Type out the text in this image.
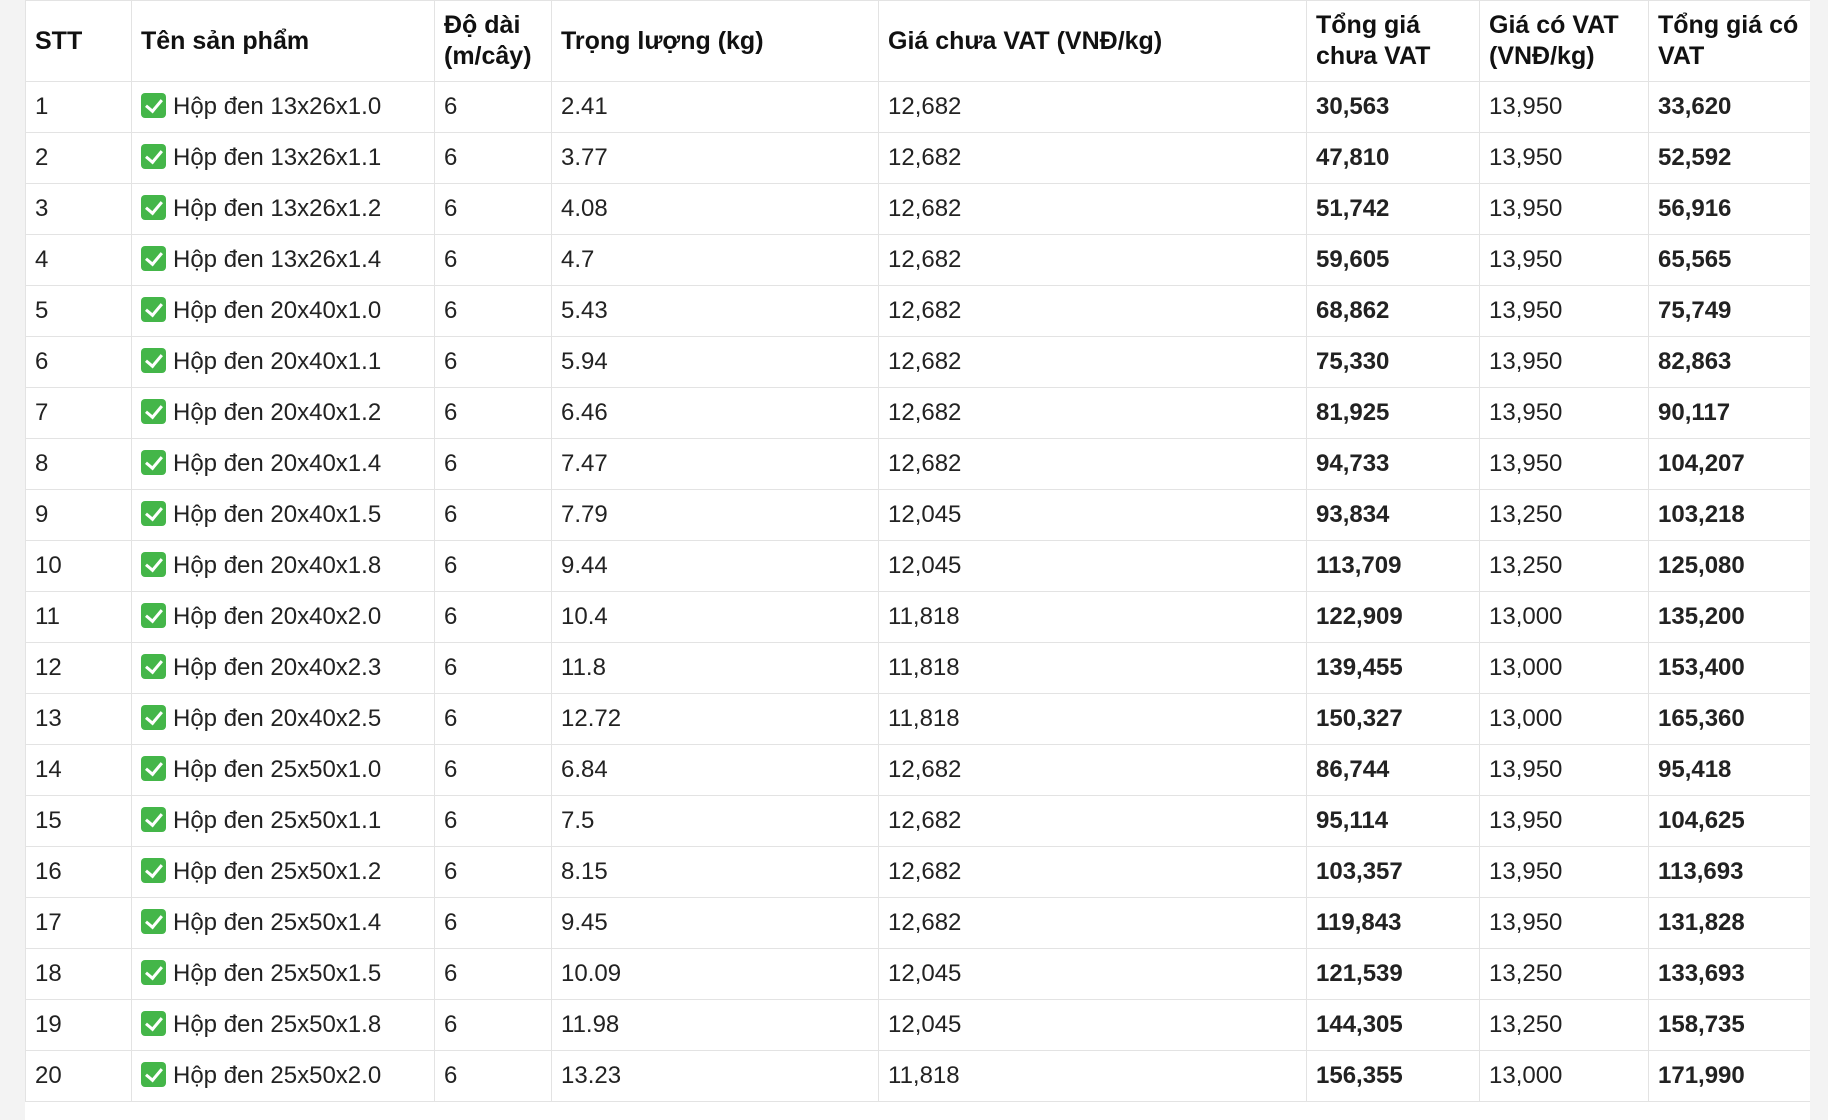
STT	Tên sản phẩm	Độ dài (m/cây)	Trọng lượng (kg)	Giá chưa VAT (VNĐ/kg)	Tổng giá chưa VAT	Giá có VAT (VNĐ/kg)	Tổng giá có VAT
1	Hộp đen 13x26x1.0	6	2.41	12,682	30,563	13,950	33,620
2	Hộp đen 13x26x1.1	6	3.77	12,682	47,810	13,950	52,592
3	Hộp đen 13x26x1.2	6	4.08	12,682	51,742	13,950	56,916
4	Hộp đen 13x26x1.4	6	4.7	12,682	59,605	13,950	65,565
5	Hộp đen 20x40x1.0	6	5.43	12,682	68,862	13,950	75,749
6	Hộp đen 20x40x1.1	6	5.94	12,682	75,330	13,950	82,863
7	Hộp đen 20x40x1.2	6	6.46	12,682	81,925	13,950	90,117
8	Hộp đen 20x40x1.4	6	7.47	12,682	94,733	13,950	104,207
9	Hộp đen 20x40x1.5	6	7.79	12,045	93,834	13,250	103,218
10	Hộp đen 20x40x1.8	6	9.44	12,045	113,709	13,250	125,080
11	Hộp đen 20x40x2.0	6	10.4	11,818	122,909	13,000	135,200
12	Hộp đen 20x40x2.3	6	11.8	11,818	139,455	13,000	153,400
13	Hộp đen 20x40x2.5	6	12.72	11,818	150,327	13,000	165,360
14	Hộp đen 25x50x1.0	6	6.84	12,682	86,744	13,950	95,418
15	Hộp đen 25x50x1.1	6	7.5	12,682	95,114	13,950	104,625
16	Hộp đen 25x50x1.2	6	8.15	12,682	103,357	13,950	113,693
17	Hộp đen 25x50x1.4	6	9.45	12,682	119,843	13,950	131,828
18	Hộp đen 25x50x1.5	6	10.09	12,045	121,539	13,250	133,693
19	Hộp đen 25x50x1.8	6	11.98	12,045	144,305	13,250	158,735
20	Hộp đen 25x50x2.0	6	13.23	11,818	156,355	13,000	171,990
